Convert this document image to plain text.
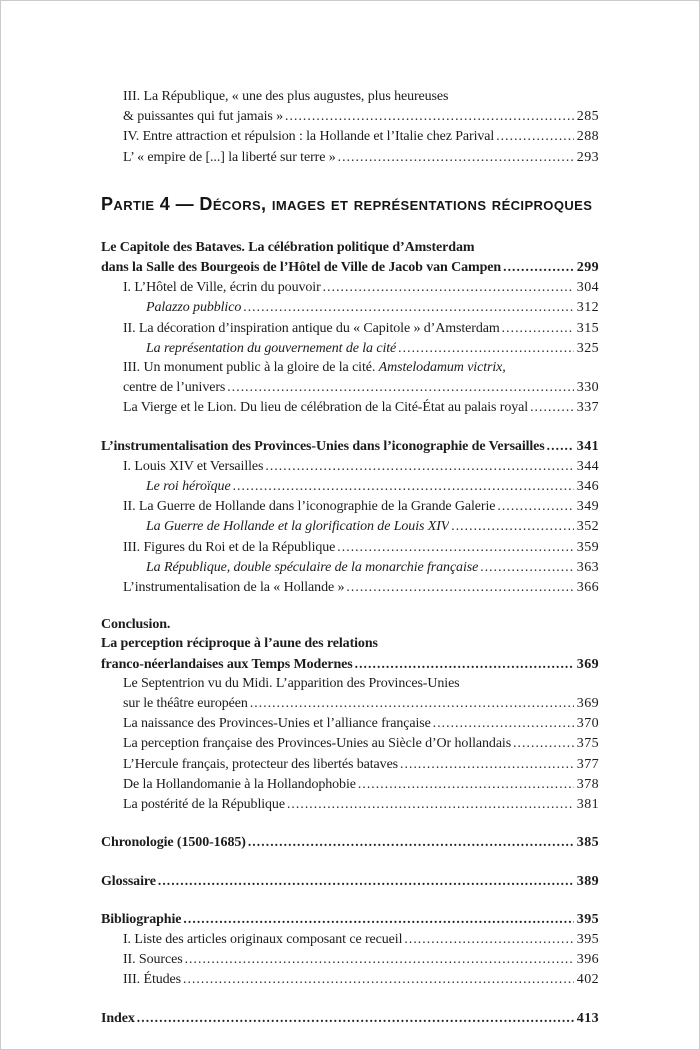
III. La République, « une des plus augustes, plus heureuses
& puissantes qui fut jamais » .....	285
IV. Entre attraction et répulsion : la Hollande et l’Italie chez Parival .....	288
L’ « empire de [...] la liberté sur terre » .....	293
Partie 4 — Décors, images et représentations réciproques
Le Capitole des Bataves. La célébration politique d’Amsterdam
dans la Salle des Bourgeois de l’Hôtel de Ville de Jacob van Campen .....	299
I. L’Hôtel de Ville, écrin du pouvoir .....	304
Palazzo pubblico .....	312
II. La décoration d’inspiration antique du « Capitole » d’Amsterdam .....	315
La représentation du gouvernement de la cité .....	325
III. Un monument public à la gloire de la cité. Amstelodamum victrix,
centre de l’univers .....	330
La Vierge et le Lion. Du lieu de célébration de la Cité-État au palais royal .....	337
L’instrumentalisation des Provinces-Unies dans l’iconographie de Versailles ..... 341
I. Louis XIV et Versailles .....	344
Le roi héroïque .....	346
II. La Guerre de Hollande dans l’iconographie de la Grande Galerie .....	349
La Guerre de Hollande et la glorification de Louis XIV .....	352
III. Figures du Roi et de la République .....	359
La République, double spéculaire de la monarchie française .....	363
L’instrumentalisation de la « Hollande » .....	366
Conclusion.
La perception réciproque à l’aune des relations
franco-néerlandaises aux Temps Modernes .....	369
Le Septentrion vu du Midi. L’apparition des Provinces-Unies
sur le théâtre européen .....	369
La naissance des Provinces-Unies et l’alliance française .....	370
La perception française des Provinces-Unies au Siècle d’Or hollandais .....	375
L’Hercule français, protecteur des libertés bataves .....	377
De la Hollandomanie à la Hollandophobie .....	378
La postérité de la République .....	381
Chronologie (1500-1685) .....	385
Glossaire .....	389
Bibliographie .....	395
I. Liste des articles originaux composant ce recueil .....	395
II. Sources .....	396
III. Études .....	402
Index .....	413
